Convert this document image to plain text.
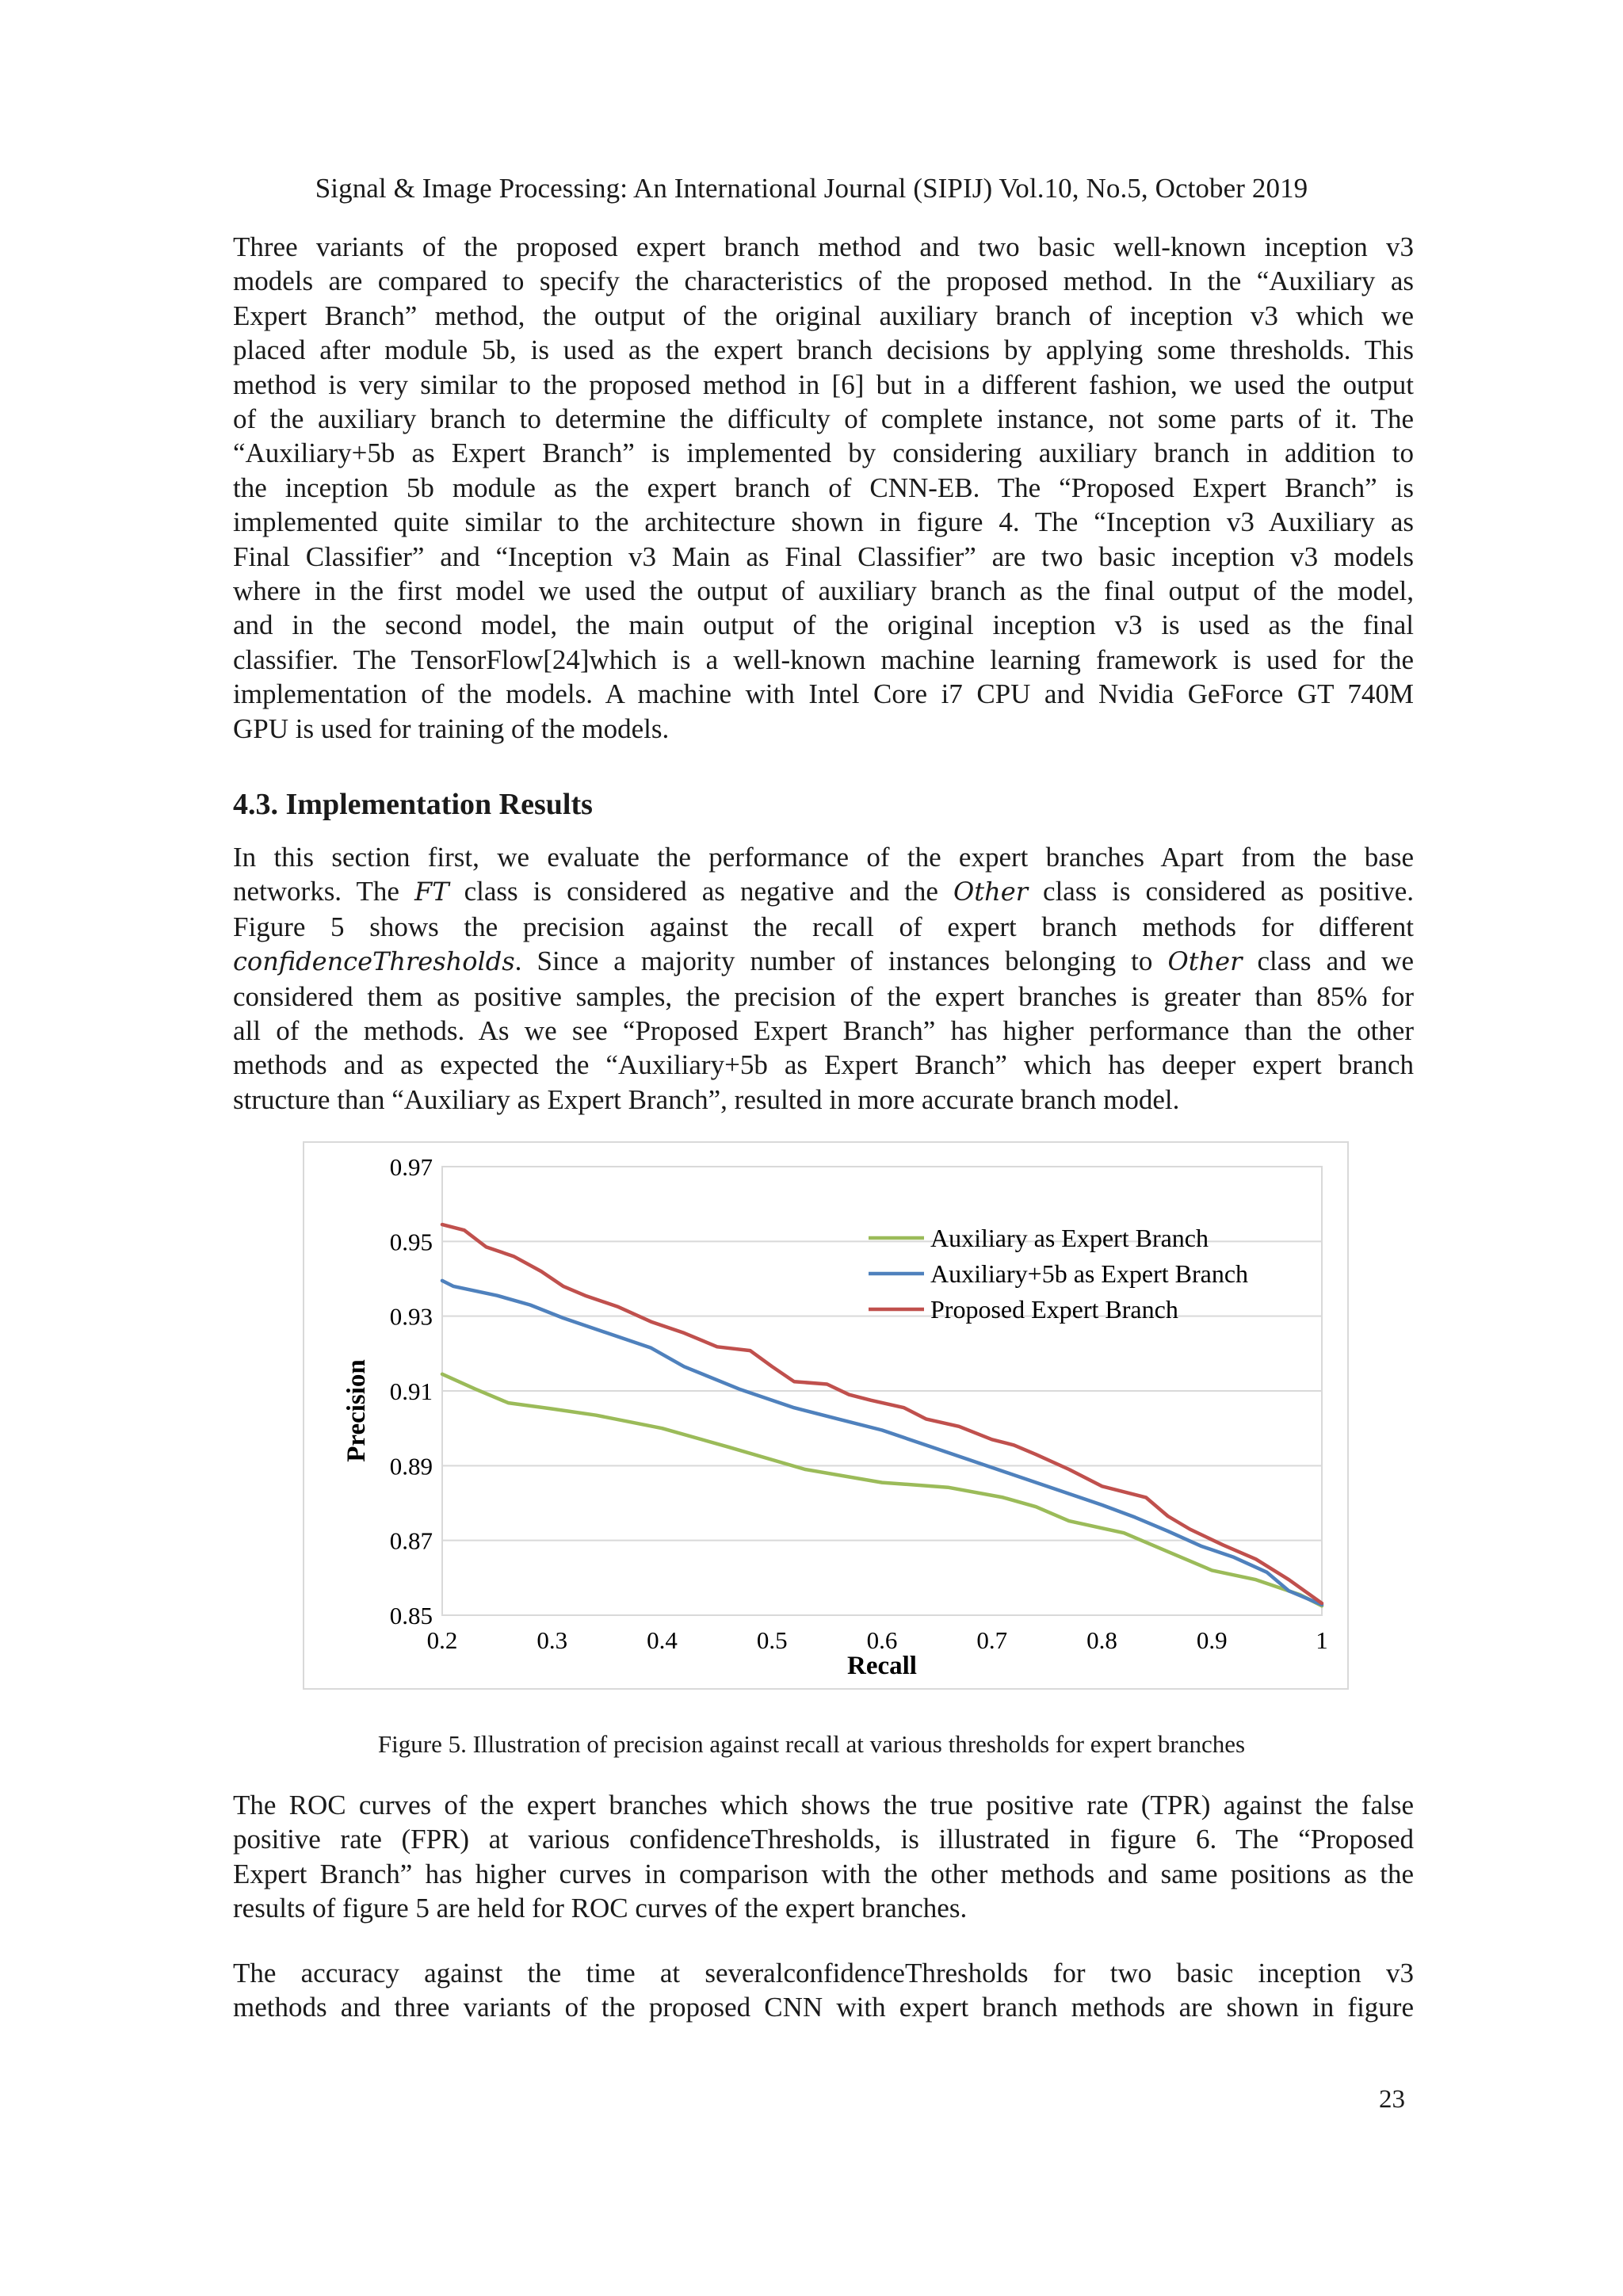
Signal & Image Processing: An International Journal (SIPIJ) Vol.10, No.5, October 2019

Three variants of the proposed expert branch method and two basic well-known inception v3
models are compared to specify the characteristics of the proposed method. In the “Auxiliary as
Expert Branch” method, the output of the original auxiliary branch of inception v3 which we
placed after module 5b, is used as the expert branch decisions by applying some thresholds. This
method is very similar to the proposed method in [6] but in a different fashion, we used the output
of the auxiliary branch to determine the difficulty of complete instance, not some parts of it. The
“Auxiliary+5b as Expert Branch” is implemented by considering auxiliary branch in addition to
the inception 5b module as the expert branch of CNN-EB. The “Proposed Expert Branch” is
implemented quite similar to the architecture shown in figure 4. The “Inception v3 Auxiliary as
Final Classifier” and “Inception v3 Main as Final Classifier” are two basic inception v3 models
where in the first model we used the output of auxiliary branch as the final output of the model,
and in the second model, the main output of the original inception v3 is used as the final
classifier. The TensorFlow[24]which is a well-known machine learning framework is used for the
implementation of the models. A machine with Intel Core i7 CPU and Nvidia GeForce GT 740M
GPU is used for training of the models.

4.3. Implementation Results

In this section first, we evaluate the performance of the expert branches Apart from the base
networks. The FT class is considered as negative and the Other class is considered as positive.
Figure 5 shows the precision against the recall of expert branch methods for different
confidenceThresholds. Since a majority number of instances belonging to Other class and we
considered them as positive samples, the precision of the expert branches is greater than 85% for
all of the methods. As we see “Proposed Expert Branch” has higher performance than the other
methods and as expected the “Auxiliary+5b as Expert Branch” which has deeper expert branch
structure than “Auxiliary as Expert Branch”, resulted in more accurate branch model.

0.97
0.95
0.93
0.91
0.89
0.87
0.85
0.2	0.3	0.4	0.5	0.6	0.7	0.8	0.9	1
Auxiliary as Expert Branch
Auxiliary+5b as Expert Branch
Proposed Expert Branch
Recall
Precision
Figure 5. Illustration of precision against recall at various thresholds for expert branches

The ROC curves of the expert branches which shows the true positive rate (TPR) against the false
positive rate (FPR) at various confidenceThresholds, is illustrated in figure 6. The “Proposed
Expert Branch” has higher curves in comparison with the other methods and same positions as the
results of figure 5 are held for ROC curves of the expert branches.

The accuracy against the time at severalconfidenceThresholds for two basic inception v3
methods and three variants of the proposed CNN with expert branch methods are shown in figure

23
